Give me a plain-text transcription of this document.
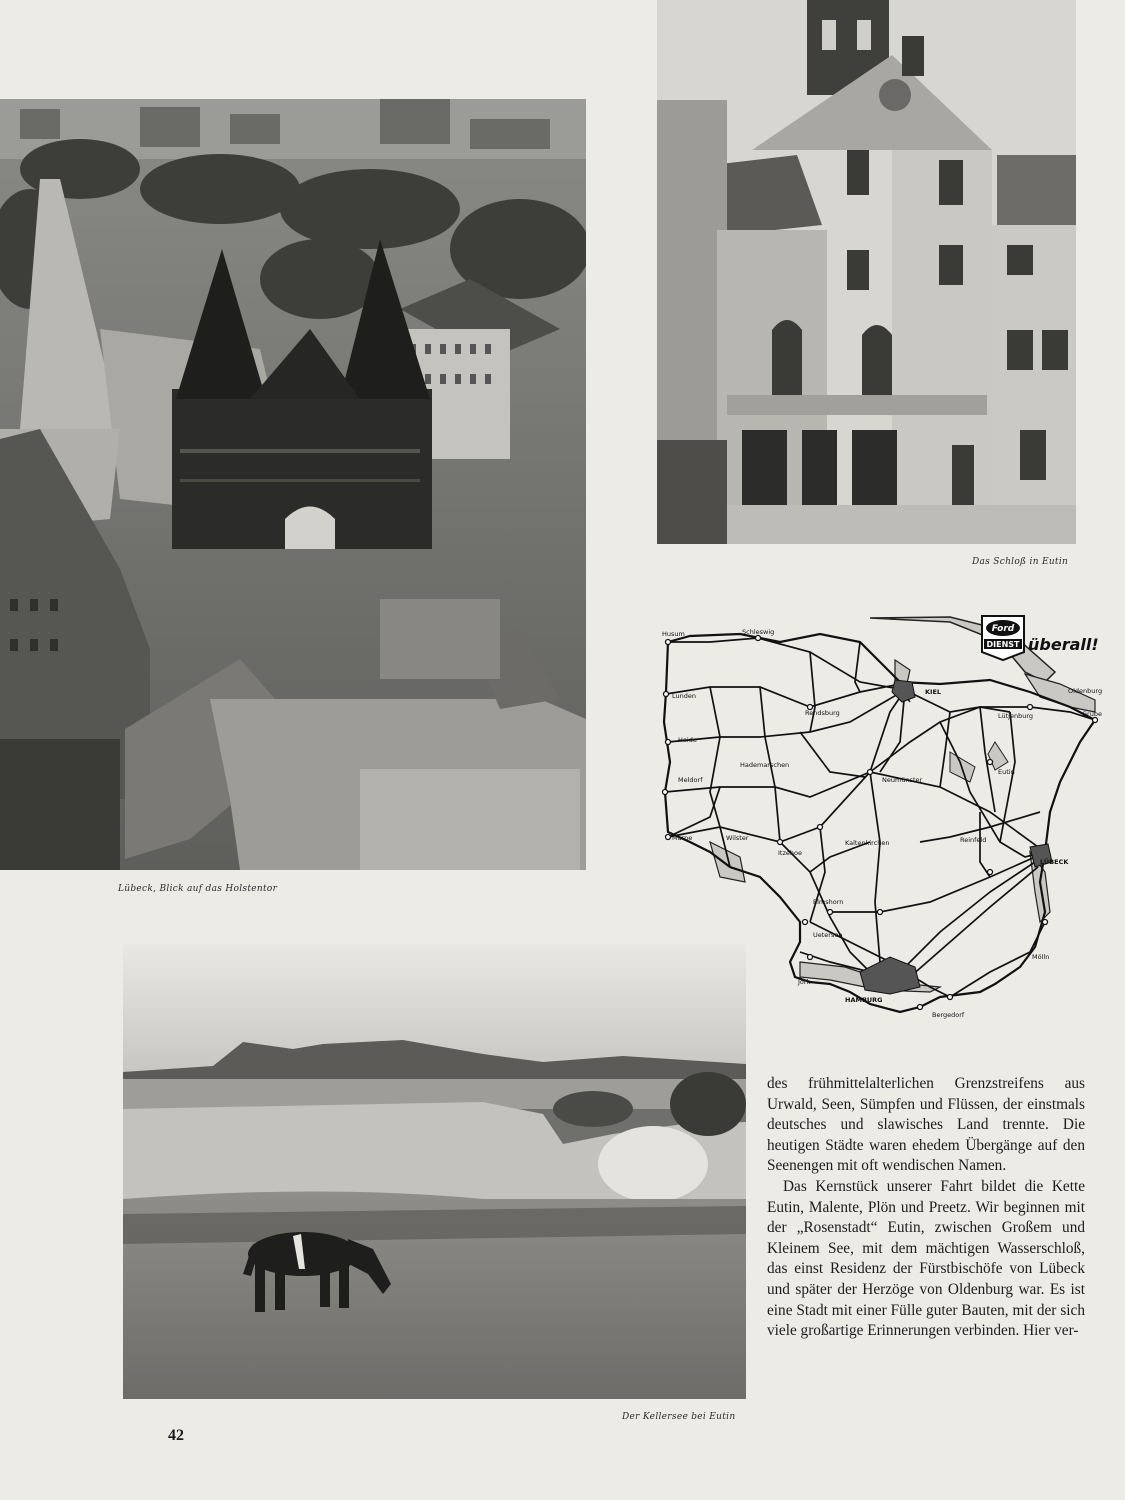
Lübeck, Blick auf das Holstentor
Das Schloß in Eutin
Ford
DIENST überall!
Husum	Schleswig
KIEL	Oldenburg
Lunden
Rendsburg	Lütjenburg	Grube
Heide
Hademarschen
Eutin
Neumünster
Meldorf
Marne	Wilster
Itzehoe
Kaltenkirchen	Reinfeld
LÜBECK
Elmshorn
Uetersen
Mölln
Jork
HAMBURG
Bergedorf
Der Kellersee bei Eutin

des frühmittelalterlichen Grenzstreifens aus Urwald, Seen, Sümpfen und Flüssen, der einstmals deutsches und slawisches Land trennte. Die heutigen Städte waren ehedem Übergänge auf den Seenengen mit oft wendischen Namen.

Das Kernstück unserer Fahrt bildet die Kette Eutin, Malente, Plön und Preetz. Wir beginnen mit der „Rosenstadt“ Eutin, zwischen Großem und Kleinem See, mit dem mächtigen Wasserschloß, das einst Residenz der Fürstbischöfe von Lübeck und später der Herzöge von Oldenburg war. Es ist eine Stadt mit einer Fülle guter Bauten, mit der sich viele großartige Erinnerungen verbinden. Hier ver-

42
